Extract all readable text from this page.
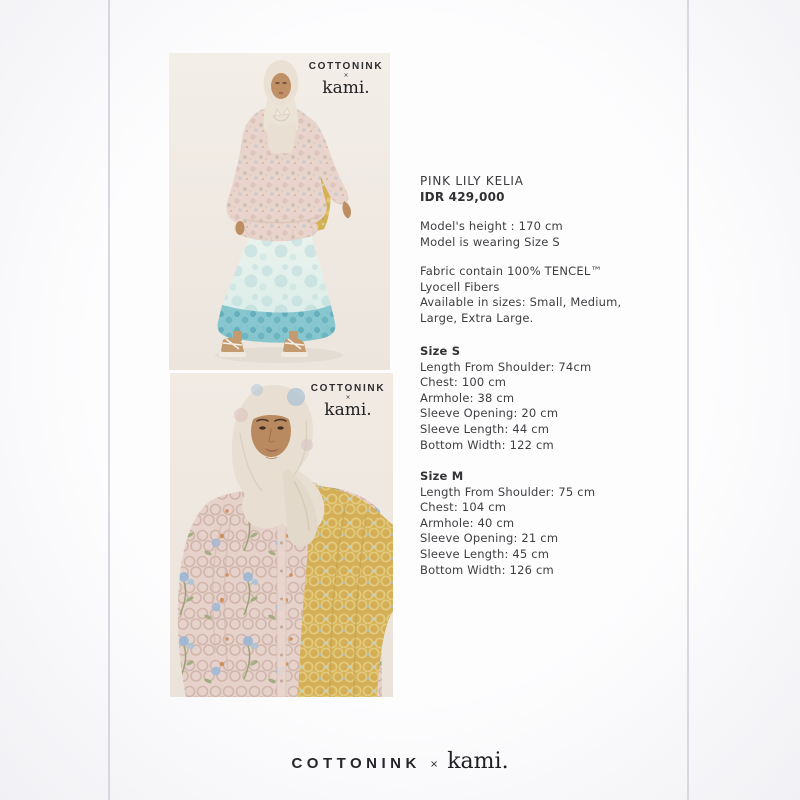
COTTONINK
×
kami.
COTTONINK
×
kami.
PINK LILY KELIA
IDR 429,000
Model's height : 170 cm
Model is wearing Size S
Fabric contain 100% TENCEL™
Lyocell Fibers
Available in sizes: Small, Medium,
Large, Extra Large.
Size S
Length From Shoulder: 74cm
Chest: 100 cm
Armhole: 38 cm
Sleeve Opening: 20 cm
Sleeve Length: 44 cm
Bottom Width: 122 cm
Size M
Length From Shoulder: 75 cm
Chest: 104 cm
Armhole: 40 cm
Sleeve Opening: 21 cm
Sleeve Length: 45 cm
Bottom Width: 126 cm
COTTONINK × kami.
